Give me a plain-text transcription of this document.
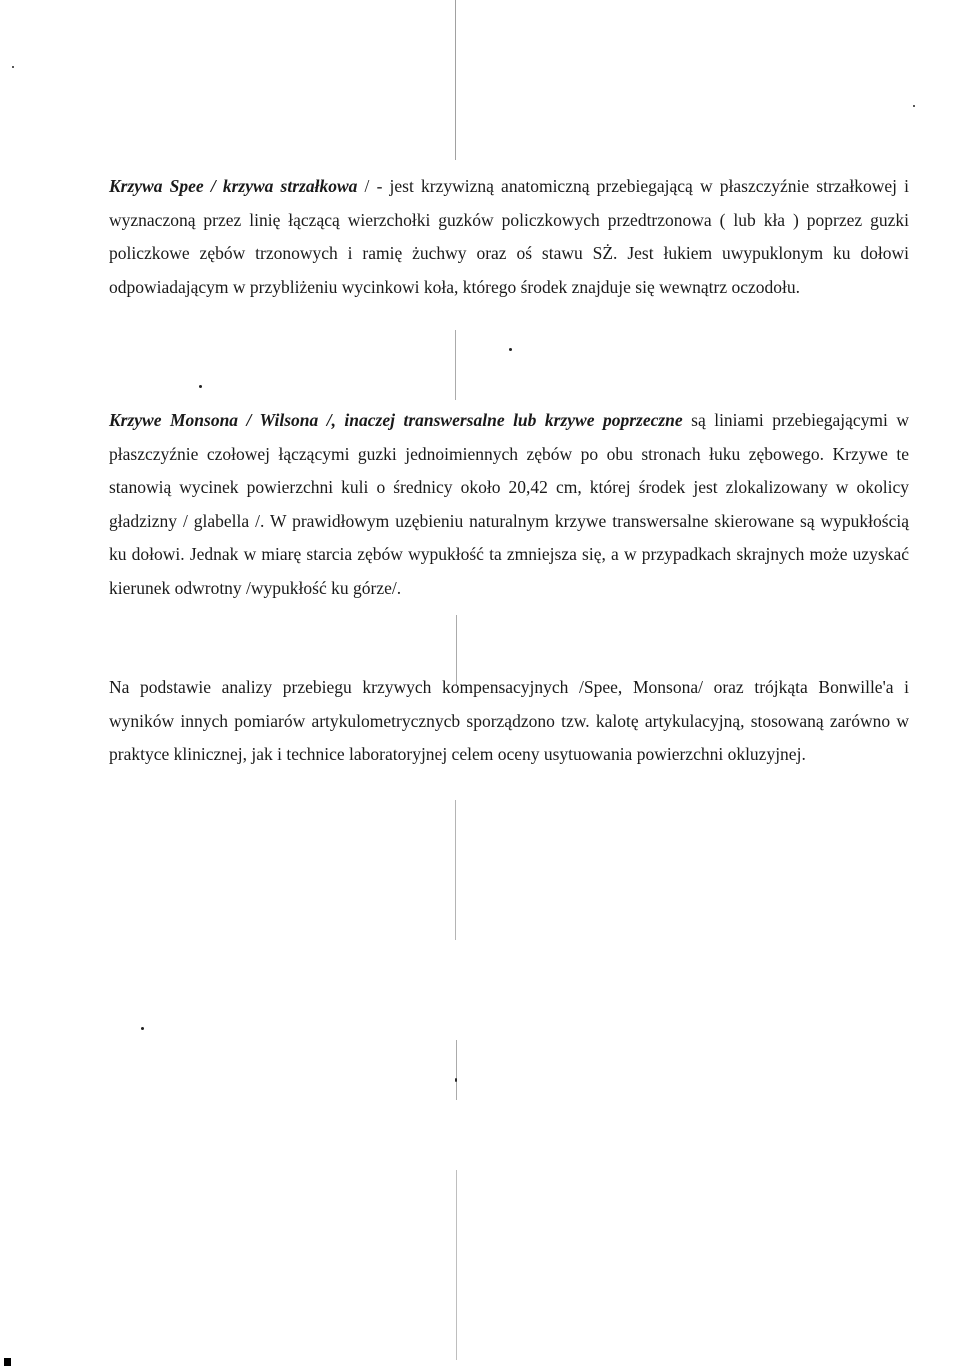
Krzywa Spee / krzywa strzałkowa / - jest krzywizną anatomiczną przebiegającą w płaszczyźnie strzałkowej i wyznaczoną przez linię łączącą wierzchołki guzków policzkowych przedtrzonowa ( lub kła ) poprzez guzki policzkowe zębów trzonowych i ramię żuchwy oraz oś stawu SŻ. Jest łukiem uwypuklonym ku dołowi odpowiadającym w przybliżeniu wycinkowi koła, którego środek znajduje się wewnątrz oczodołu.

Krzywe Monsona / Wilsona /, inaczej transwersalne lub krzywe poprzeczne są liniami przebiegającymi w płaszczyźnie czołowej łączącymi guzki jednoimiennych zębów po obu stronach łuku zębowego. Krzywe te stanowią wycinek powierzchni kuli o średnicy około 20,42 cm, której środek jest zlokalizowany w okolicy gładzizny / glabella /. W prawidłowym uzębieniu naturalnym krzywe transwersalne skierowane są wypukłością ku dołowi. Jednak w miarę starcia zębów wypukłość ta zmniejsza się, a w przypadkach skrajnych może uzyskać kierunek odwrotny /wypukłość ku górze/.

Na podstawie analizy przebiegu krzywych kompensacyjnych /Spee, Monsona/ oraz trójkąta Bonwille'a i wyników innych pomiarów artykulometrycznycb sporządzono tzw. kalotę artykulacyjną, stosowaną zarówno w praktyce klinicznej, jak i technice laboratoryjnej celem oceny usytuowania powierzchni okluzyjnej.
